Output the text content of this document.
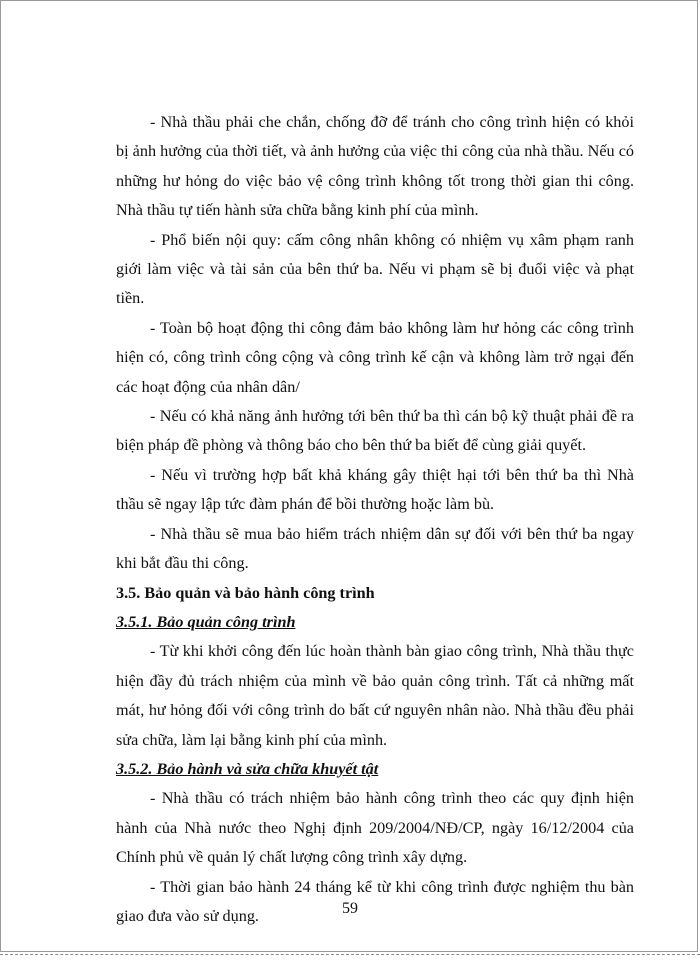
- Nhà thầu phải che chắn, chống đỡ để tránh cho công trình hiện có khỏi bị ảnh hưởng của thời tiết, và ảnh hưởng của việc thi công của nhà thầu. Nếu có những hư hỏng do việc bảo vệ công trình không tốt trong thời gian thi công. Nhà thầu tự tiến hành sửa chữa bằng kinh phí của mình.

- Phổ biến nội quy: cấm công nhân không có nhiệm vụ xâm phạm ranh giới làm việc và tài sản của bên thứ ba. Nếu vi phạm sẽ bị đuổi việc và phạt tiền.

- Toàn bộ hoạt động thi công đảm bảo không làm hư hỏng các công trình hiện có, công trình công cộng và công trình kế cận và không làm trở ngại đến các hoạt động của nhân dân/

- Nếu có khả năng ảnh hưởng tới bên thứ ba thì cán bộ kỹ thuật phải đề ra biện pháp đề phòng và thông báo cho bên thứ ba biết để cùng giải quyết.

- Nếu vì trường hợp bất khả kháng gây thiệt hại tới bên thứ ba thì Nhà thầu sẽ ngay lập tức đàm phán để bồi thường hoặc làm bù.

- Nhà thầu sẽ mua bảo hiểm trách nhiệm dân sự đối với bên thứ ba ngay khi bắt đầu thi công.

3.5. Bảo quản và bảo hành công trình

3.5.1. Bảo quản công trình

- Từ khi khởi công đến lúc hoàn thành bàn giao công trình, Nhà thầu thực hiện đầy đủ trách nhiệm của mình về bảo quản công trình. Tất cả những mất mát, hư hỏng đối với công trình do bất cứ nguyên nhân nào. Nhà thầu đều phải sửa chữa, làm lại bằng kinh phí của mình.

3.5.2. Bảo hành và sửa chữa khuyết tật

- Nhà thầu có trách nhiệm bảo hành công trình theo các quy định hiện hành của Nhà nước theo Nghị định 209/2004/NĐ/CP, ngày 16/12/2004 của Chính phủ về quản lý chất lượng công trình xây dựng.

- Thời gian bảo hành 24 tháng kể từ khi công trình được nghiệm thu bàn giao đưa vào sử dụng.	59
